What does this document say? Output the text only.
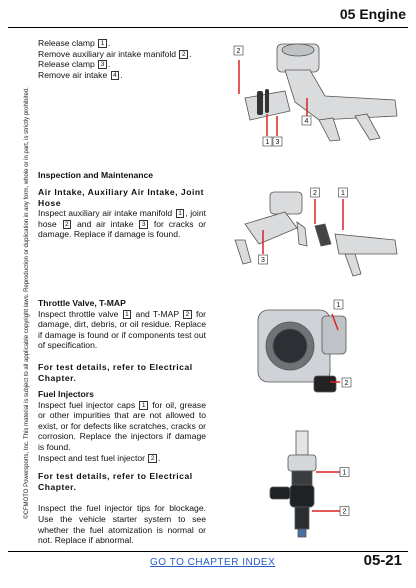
05 Engine
©CFMOTO Powersports, Inc. This material is subject to all applicable copyright laws. Reproduction or duplication in any form, whole or in part, is strictly prohibited.

Release clamp 1 .

Remove auxiliary air intake manifold 2 .

Release clamp 3 .

Remove air intake 4 .

Inspection and Maintenance

Air Intake, Auxiliary Air Intake, Joint Hose

Inspect auxiliary air intake manifold 1 , joint hose 2 and air intake 3 for cracks or damage. Replace if damage is found.

Throttle Valve, T-MAP

Inspect throttle valve 1 and T-MAP 2 for damage, dirt, debris, or oil residue. Replace if damage is found or if components test out of specification.

For test details, refer to Electrical Chapter.

Fuel Injectors

Inspect fuel injector caps 1 for oil, grease or other impurities that are not allowed to exist, or for defects like scratches, cracks or corrosion. Replace the injectors if damage is found.

Inspect and test fuel injector 2 .

For test details, refer to Electrical Chapter.

Inspect the fuel injector tips for blockage. Use the vehicle starter system to see whether the fuel atomization is normal or not. Replace if abnormal.

2
4
1 3
2	1
3
1
2
1
2
GO TO CHAPTER INDEX	05-21
